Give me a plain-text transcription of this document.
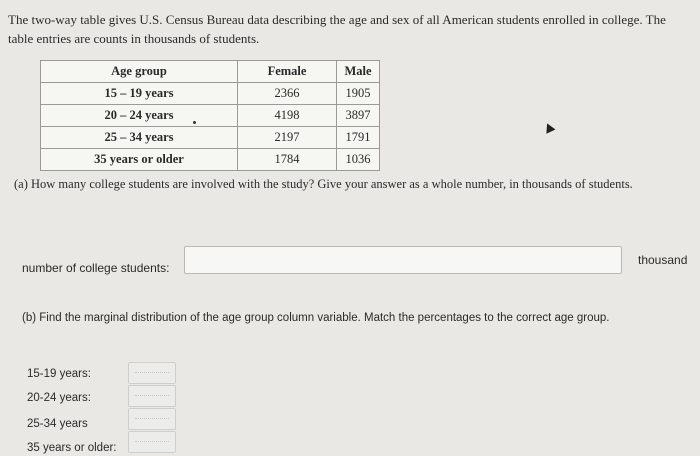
The two-way table gives U.S. Census Bureau data describing the age and sex of all American students enrolled in college. The table entries are counts in thousands of students.
Age group	Female	Male
15 – 19 years	2366	1905
20 – 24 years	4198	3897
25 – 34 years	2197	1791
35 years or older	1784	1036
(a) How many college students are involved with the study? Give your answer as a whole number, in thousands of students.
number of college students:
thousand
(b) Find the marginal distribution of the age group column variable. Match the percentages to the correct age group.
15-19 years:
20-24 years:
25-34 years
35 years or older:
